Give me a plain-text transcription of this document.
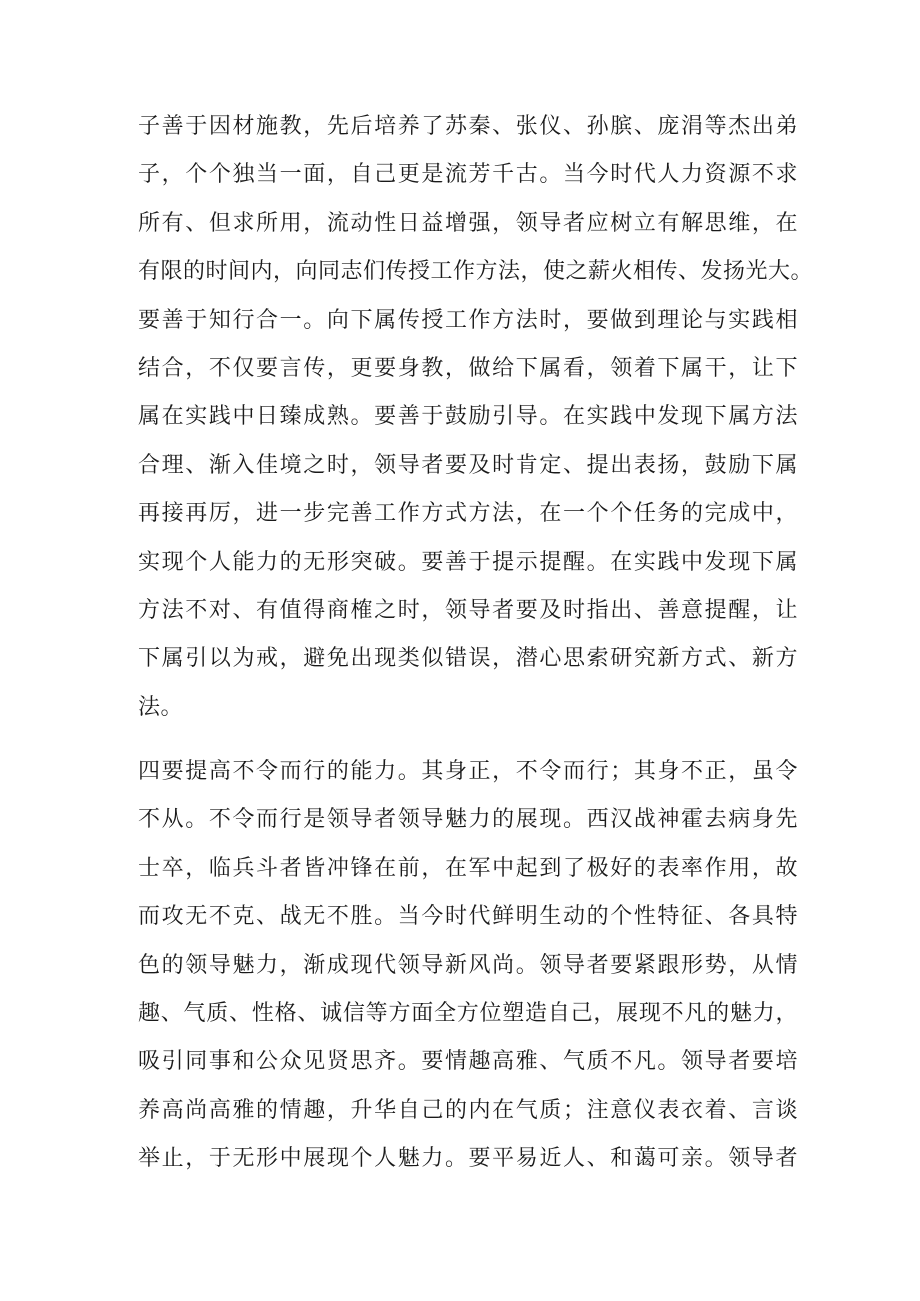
子善于因材施教，先后培养了苏秦、张仪、孙膑、庞涓等杰出弟
子，个个独当一面，自己更是流芳千古。当今时代人力资源不求
所有、但求所用，流动性日益增强，领导者应树立有解思维，在
有限的时间内，向同志们传授工作方法，使之薪火相传、发扬光大。
要善于知行合一。向下属传授工作方法时，要做到理论与实践相
结合，不仅要言传，更要身教，做给下属看，领着下属干，让下
属在实践中日臻成熟。要善于鼓励引导。在实践中发现下属方法
合理、渐入佳境之时，领导者要及时肯定、提出表扬，鼓励下属
再接再厉，进一步完善工作方式方法，在一个个任务的完成中，
实现个人能力的无形突破。要善于提示提醒。在实践中发现下属
方法不对、有值得商榷之时，领导者要及时指出、善意提醒，让
下属引以为戒，避免出现类似错误，潜心思索研究新方式、新方
法。
四要提高不令而行的能力。其身正，不令而行；其身不正，虽令
不从。不令而行是领导者领导魅力的展现。西汉战神霍去病身先
士卒，临兵斗者皆冲锋在前，在军中起到了极好的表率作用，故
而攻无不克、战无不胜。当今时代鲜明生动的个性特征、各具特
色的领导魅力，渐成现代领导新风尚。领导者要紧跟形势，从情
趣、气质、性格、诚信等方面全方位塑造自己，展现不凡的魅力，
吸引同事和公众见贤思齐。要情趣高雅、气质不凡。领导者要培
养高尚高雅的情趣，升华自己的内在气质；注意仪表衣着、言谈
举止，于无形中展现个人魅力。要平易近人、和蔼可亲。领导者
